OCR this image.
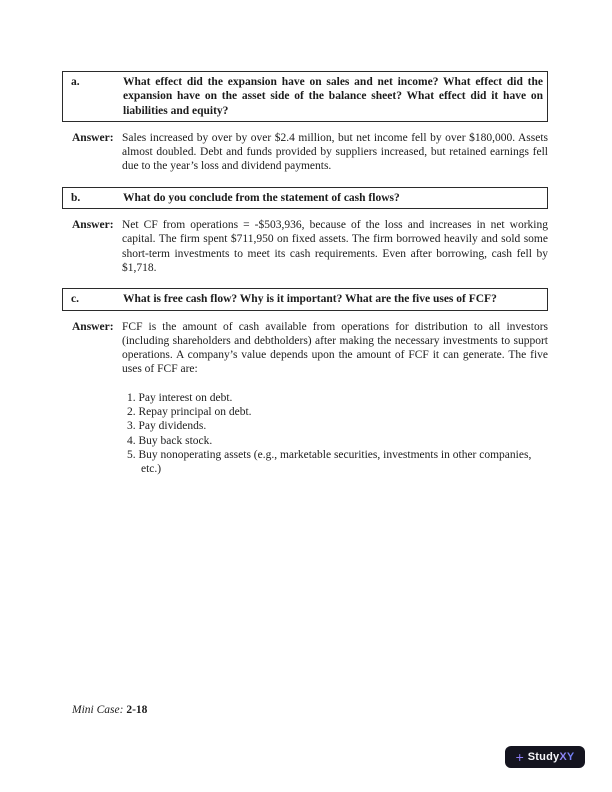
a.	What effect did the expansion have on sales and net income? What effect did the expansion have on the asset side of the balance sheet? What effect did it have on liabilities and equity?
Answer: Sales increased by over by over $2.4 million, but net income fell by over $180,000. Assets almost doubled. Debt and funds provided by suppliers increased, but retained earnings fell due to the year’s loss and dividend payments.
b.	What do you conclude from the statement of cash flows?
Answer: Net CF from operations = -$503,936, because of the loss and increases in net working capital. The firm spent $711,950 on fixed assets. The firm borrowed heavily and sold some short-term investments to meet its cash requirements. Even after borrowing, cash fell by $1,718.
c.	What is free cash flow? Why is it important? What are the five uses of FCF?
Answer: FCF is the amount of cash available from operations for distribution to all investors (including shareholders and debtholders) after making the necessary investments to support operations. A company’s value depends upon the amount of FCF it can generate. The five uses of FCF are:
1. Pay interest on debt.
2. Repay principal on debt.
3. Pay dividends.
4. Buy back stock.
5. Buy nonoperating assets (e.g., marketable securities, investments in other companies, etc.)
Mini Case: 2-18
+ StudyXY
